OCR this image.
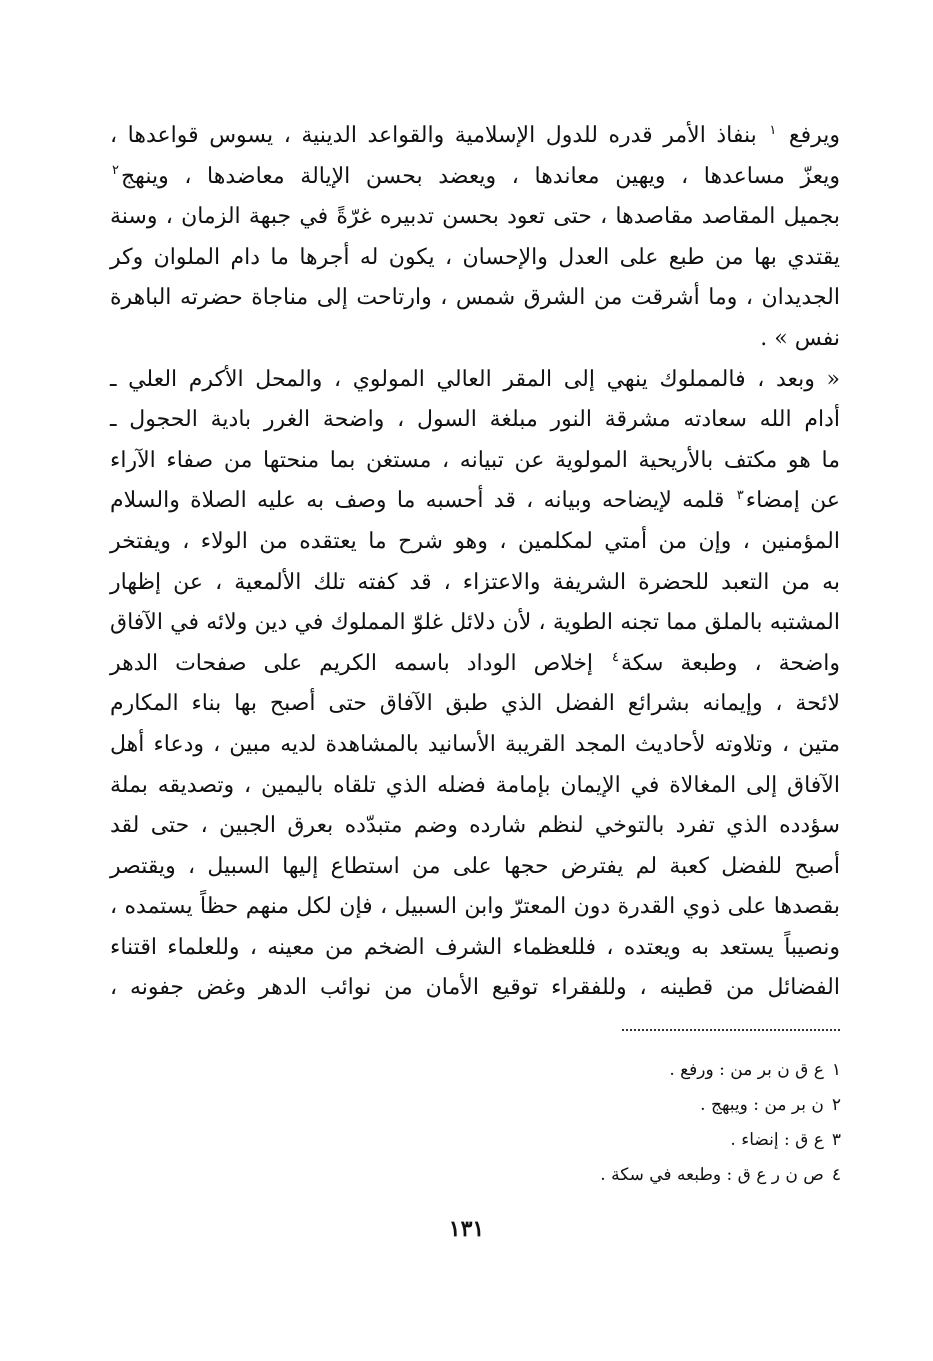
ويرفع $^١$ بنفاذ الأمر قدره للدول الإسلامية والقواعد الدينية ، يسوس قواعدها ،
ويعزّ مساعدها ، ويهين معاندها ، ويعضد بحسن الإيالة معاضدها ، وينهج$^٢$
بجميل المقاصد مقاصدها ، حتى تعود بحسن تدبيره غرّةً في جبهة الزمان ، وسنة
يقتدي بها من طبع على العدل والإحسان ، يكون له أجرها ما دام الملوان وكر
الجديدان ، وما أشرقت من الشرق شمس ، وارتاحت إلى مناجاة حضرته الباهرة
نفس » .
« وبعد ، فالمملوك ينهي إلى المقر العالي المولوي ، والمحل الأكرم العلي ـ
أدام الله سعادته مشرقة النور مبلغة السول ، واضحة الغرر بادية الحجول ـ
ما هو مكتف بالأريحية المولوية عن تبيانه ، مستغن بما منحتها من صفاء الآراء
عن إمضاء$^٣$ قلمه لإيضاحه وبيانه ، قد أحسبه ما وصف به عليه الصلاة والسلام
المؤمنين ، وإن من أمتي لمكلمين ، وهو شرح ما يعتقده من الولاء ، ويفتخر
به من التعبد للحضرة الشريفة والاعتزاء ، قد كفته تلك الألمعية ، عن إظهار
المشتبه بالملق مما تجنه الطوية ، لأن دلائل غلوّ المملوك في دين ولائه في الآفاق
واضحة ، وطبعة سكة$^٤$ إخلاص الوداد باسمه الكريم على صفحات الدهر
لائحة ، وإيمانه بشرائع الفضل الذي طبق الآفاق حتى أصبح بها بناء المكارم
متين ، وتلاوته لأحاديث المجد القريبة الأسانيد بالمشاهدة لديه مبين ، ودعاء أهل
الآفاق إلى المغالاة في الإيمان بإمامة فضله الذي تلقاه باليمين ، وتصديقه بملة
سؤدده الذي تفرد بالتوخي لنظم شارده وضم متبدّده بعرق الجبين ، حتى لقد
أصبح للفضل كعبة لم يفترض حجها على من استطاع إليها السبيل ، ويقتصر
بقصدها على ذوي القدرة دون المعترّ وابن السبيل ، فإن لكل منهم حظاً يستمده ،
ونصيباً يستعد به ويعتده ، فللعظماء الشرف الضخم من معينه ، وللعلماء اقتناء
الفضائل من قطينه ، وللفقراء توقيع الأمان من نوائب الدهر وغض جفونه ،
١ع ق ن بر من : ورفع .
٢ن بر من : ويبهج .
٣ع ق : إنضاء .
٤ص ن ر ع ق : وطبعه في سكة .
١٣١
